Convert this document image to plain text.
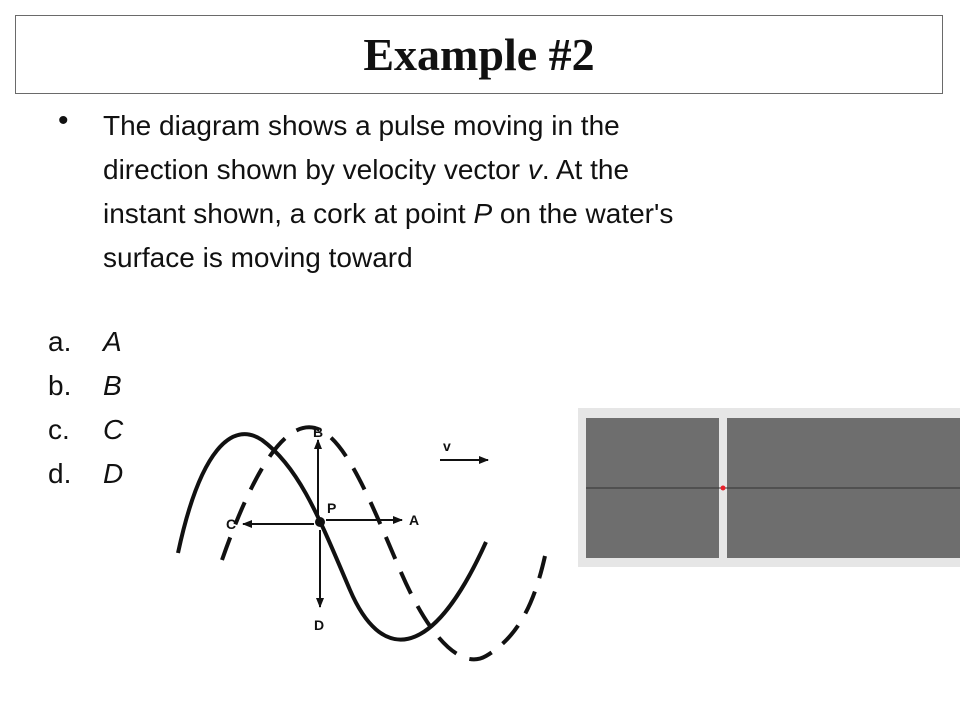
Example #2
• The diagram shows a pulse moving in the
direction shown by velocity vector v. At the
instant shown, a cork at point P on the water's
surface is moving toward

a. A
b. B
c. C
d. D
B
v
P
A
C
D
